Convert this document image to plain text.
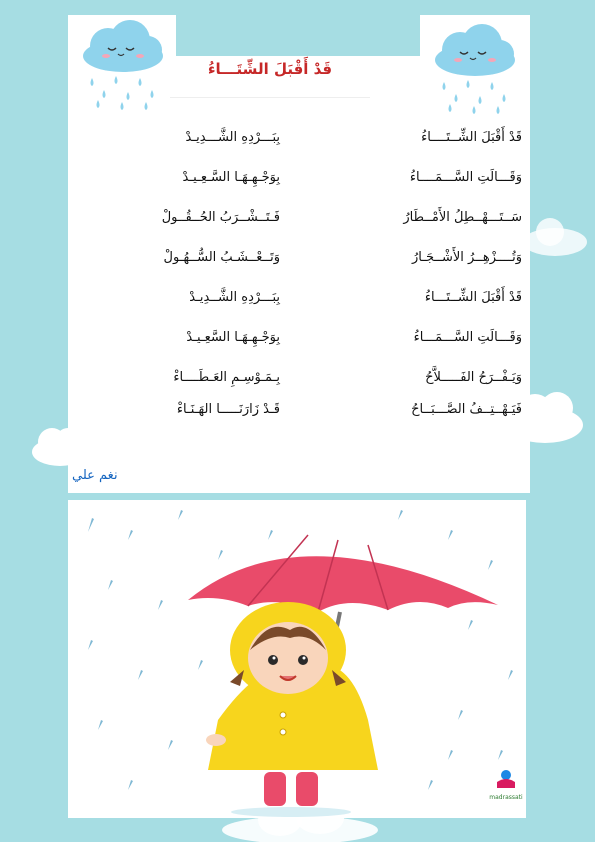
قَدْ أَقْبَلَ الشِّتَـــاءُ
قَدْ أَقْبَلَ الشِّــتَــــاءُ
بِبَـــرْدِهِ الشَّـــدِيـدْ
وَقَـــالَتِ السَّـــمَــــاءُ
بِوَجْـهِـهَـا السَّـعِـيـدْ
سَــتَـــهْــطِلُ الأَمْــطَارُ
فَـتَــشْــرَبُ الحُــقُــولْ
وَتُــــزْهِــرُ الأَشْــجَـارُ
وَتَــعْــشَـبُ السُّــهُـولْ
قَدْ أَقْبَلَ الشِّــتَـــاءُ
بِبَـــرْدِهِ الشَّــدِيـدْ
وَقَـــالَتِ السَّـــمَـــاءُ
بِوَجْـهِـهَـا السَّعِـيـدْ
وَيَـفْــرَحُ الفَـــــلاَّحُ
بِـمَـوْسِـمِ العَـطَــــاءْ
فَيَـهْــتِــفُ الصَّـــبَــاحُ
قَـدْ زَارَنَـــــا الهَـنَـاءْ
نغم علي
madrassati
